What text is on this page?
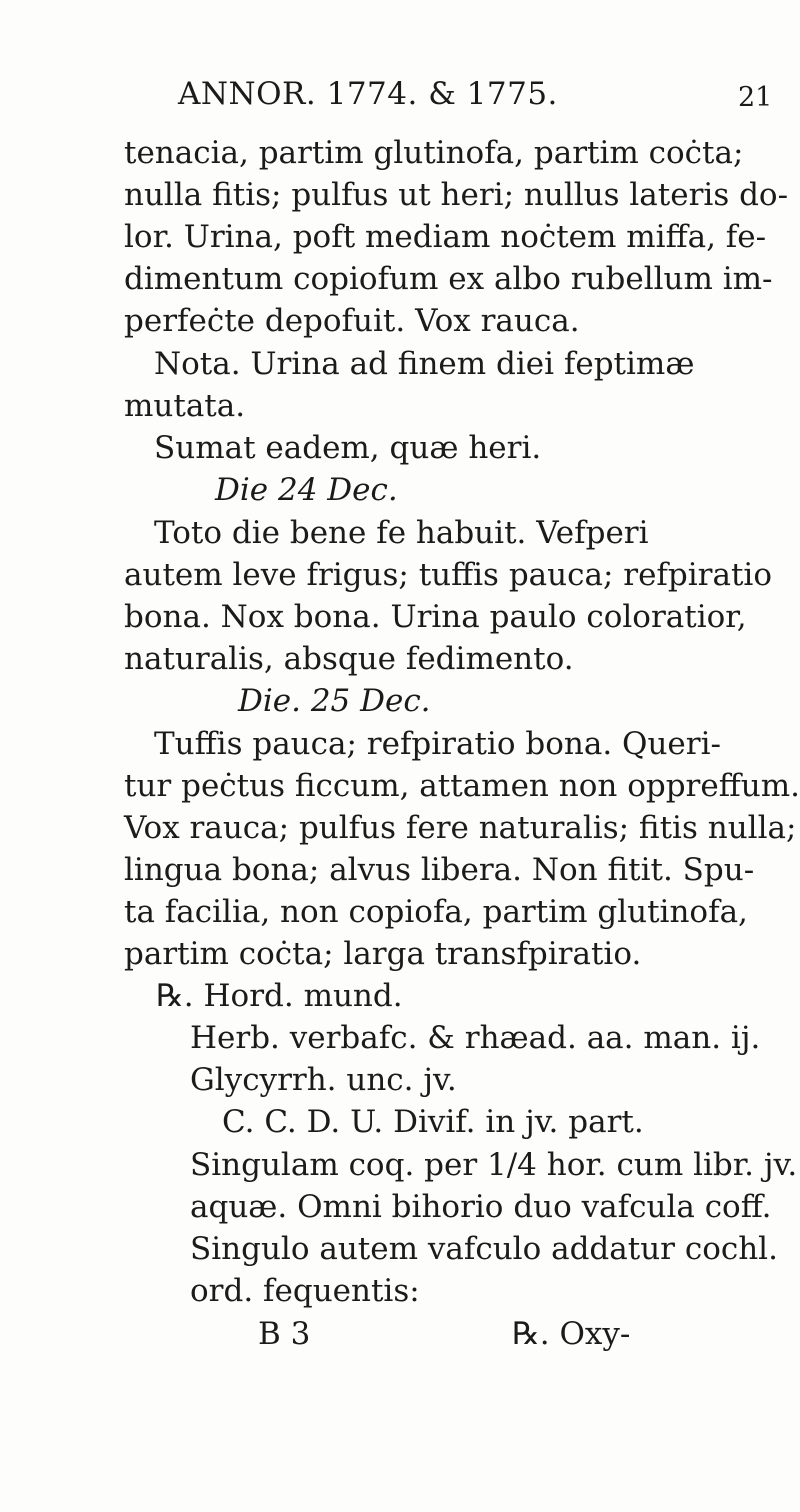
ANNOR. 1774. & 1775.	21
tenacia, partim glutinofa, partim coċta;
nulla fitis; pulfus ut heri; nullus lateris do-
lor. Urina, poft mediam noċtem miffa, fe-
dimentum copiofum ex albo rubellum im-
perfeċte depofuit. Vox rauca.
Nota. Urina ad finem diei feptimæ
mutata.
Sumat eadem, quæ heri.
Die 24 Dec.
Toto die bene fe habuit. Vefperi
autem leve frigus; tuffis pauca; refpiratio
bona. Nox bona. Urina paulo coloratior,
naturalis, absque fedimento.
Die. 25 Dec.
Tuffis pauca; refpiratio bona. Queri-
tur peċtus ficcum, attamen non oppreffum.
Vox rauca; pulfus fere naturalis; fitis nulla;
lingua bona; alvus libera. Non fitit. Spu-
ta facilia, non copiofa, partim glutinofa,
partim coċta; larga transfpiratio.
℞. Hord. mund.
Herb. verbafc. & rhæad. aa. man. ij.
Glycyrrh. unc. jv.
C. C. D. U. Divif. in jv. part.
Singulam coq. per 1/4 hor. cum libr. jv.
aquæ. Omni bihorio duo vafcula coff.
Singulo autem vafculo addatur cochl.
ord. fequentis:
B 3	℞. Oxy-
